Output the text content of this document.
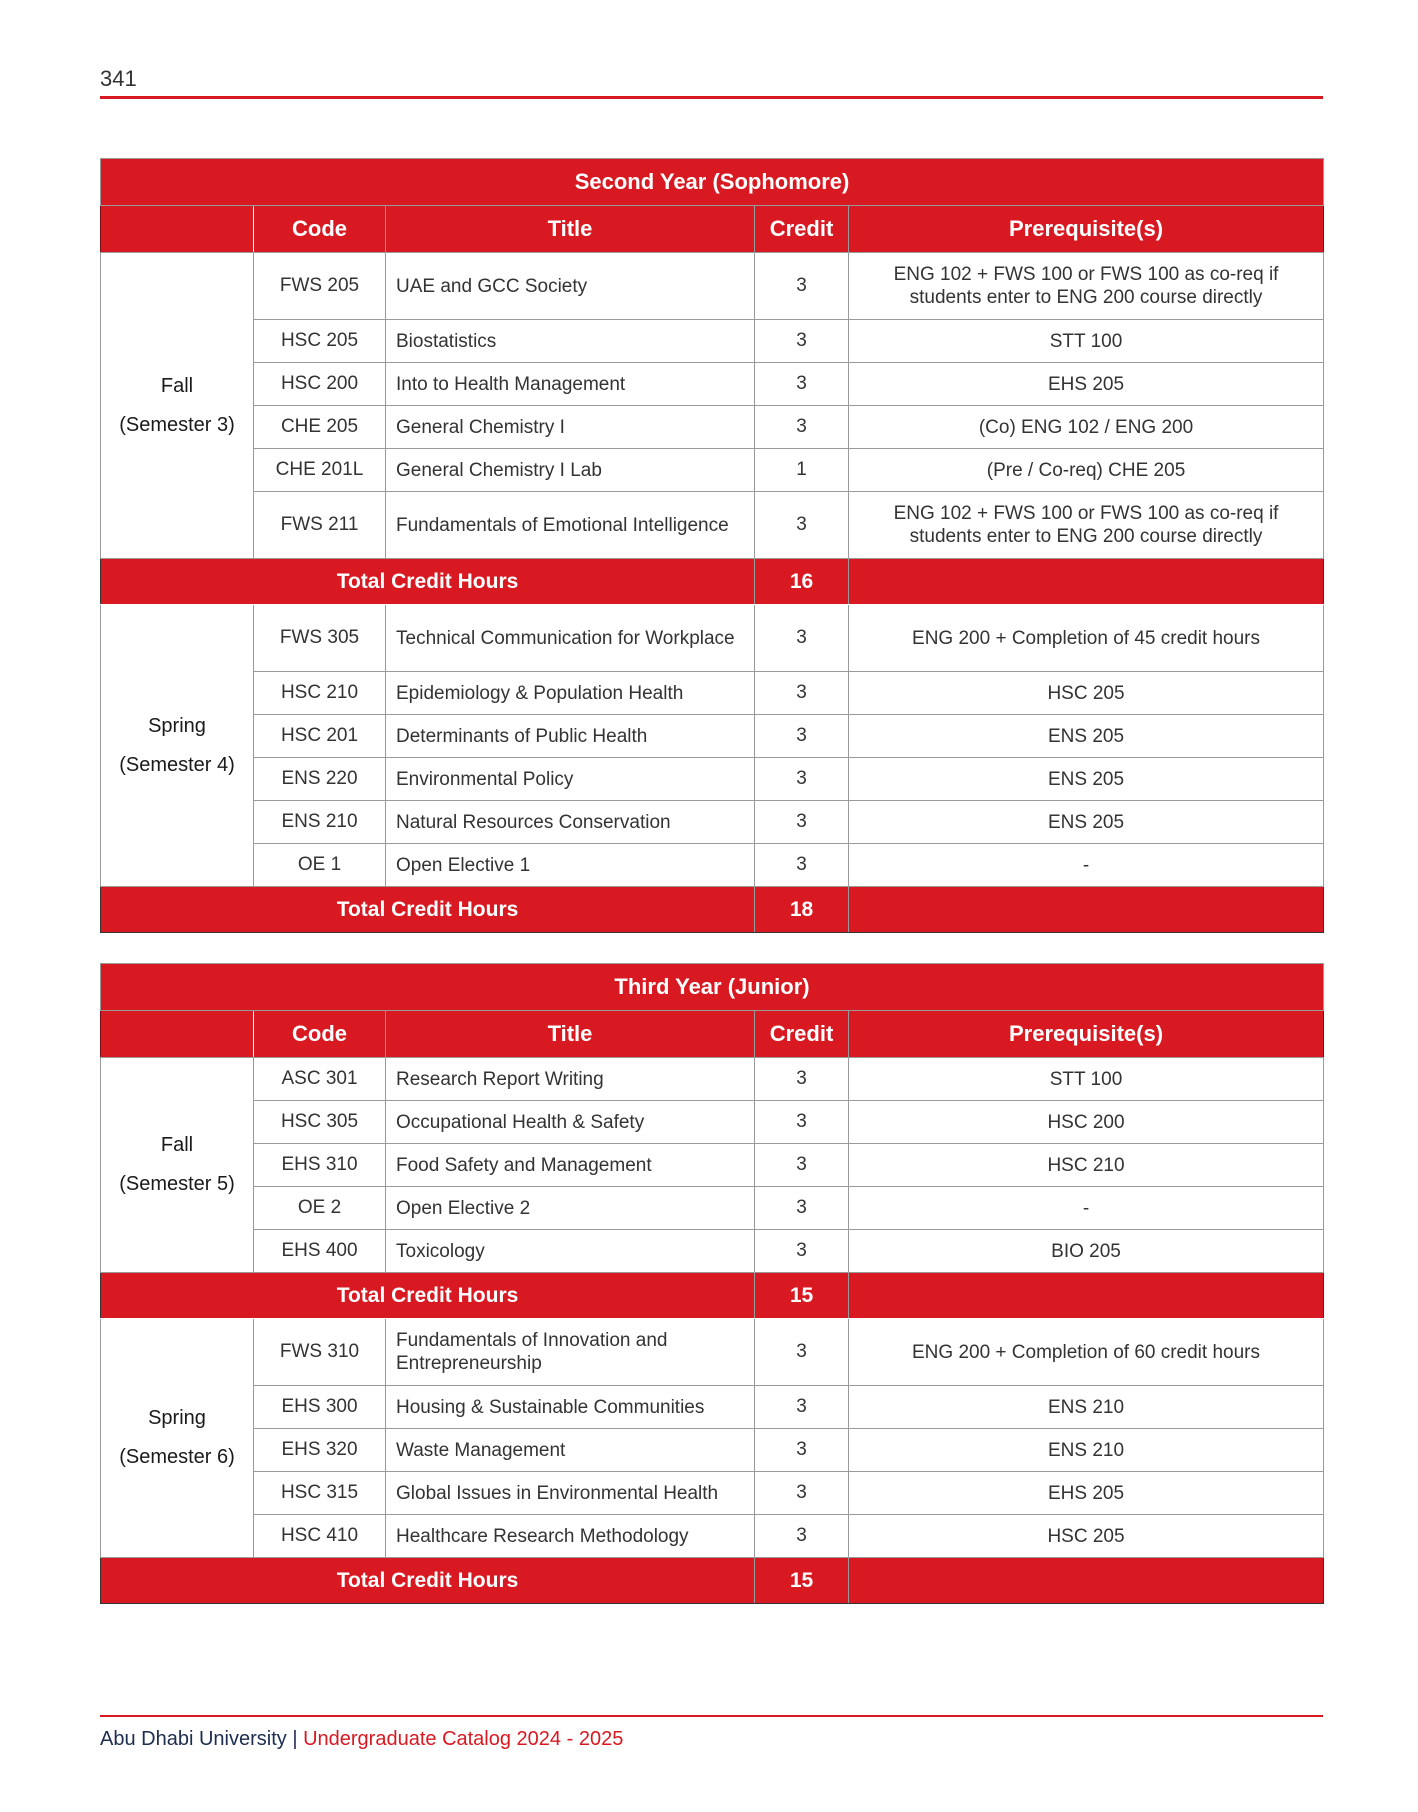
341
Second Year (Sophomore)				
	Code	Title	Credit	Prerequisite(s)

Fall
(Semester 3)	FWS 205	UAE and GCC Society	3	ENG 102 + FWS 100 or FWS 100 as co-req if students enter to ENG 200 course directly
	HSC 205	Biostatistics	3	STT 100
	HSC 200	Into to Health Management	3	EHS 205
	CHE 205	General Chemistry I	3	(Co) ENG 102 / ENG 200
	CHE 201L	General Chemistry I Lab	1	(Pre / Co-req) CHE 205
	FWS 211	Fundamentals of Emotional Intelligence	3	ENG 102 + FWS 100 or FWS 100 as co-req if students enter to ENG 200 course directly
Total Credit Hours			16	

Spring
(Semester 4)	FWS 305	Technical Communication for Workplace	3	ENG 200 + Completion of 45 credit hours
	HSC 210	Epidemiology & Population Health	3	HSC 205
	HSC 201	Determinants of Public Health	3	ENS 205
	ENS 220	Environmental Policy	3	ENS 205
	ENS 210	Natural Resources Conservation	3	ENS 205
	OE 1	Open Elective 1	3	-
Total Credit Hours			18	
Third Year (Junior)				
	Code	Title	Credit	Prerequisite(s)

Fall
(Semester 5)	ASC 301	Research Report Writing	3	STT 100
	HSC 305	Occupational Health & Safety	3	HSC 200
	EHS 310	Food Safety and Management	3	HSC 210
	OE 2	Open Elective 2	3	-
	EHS 400	Toxicology	3	BIO 205
Total Credit Hours			15	

Spring
(Semester 6)	FWS 310	Fundamentals of Innovation and Entrepreneurship	3	ENG 200 + Completion of 60 credit hours
	EHS 300	Housing & Sustainable Communities	3	ENS 210
	EHS 320	Waste Management	3	ENS 210
	HSC 315	Global Issues in Environmental Health	3	EHS 205
	HSC 410	Healthcare Research Methodology	3	HSC 205
Total Credit Hours			15	
Abu Dhabi University | Undergraduate Catalog 2024 - 2025
